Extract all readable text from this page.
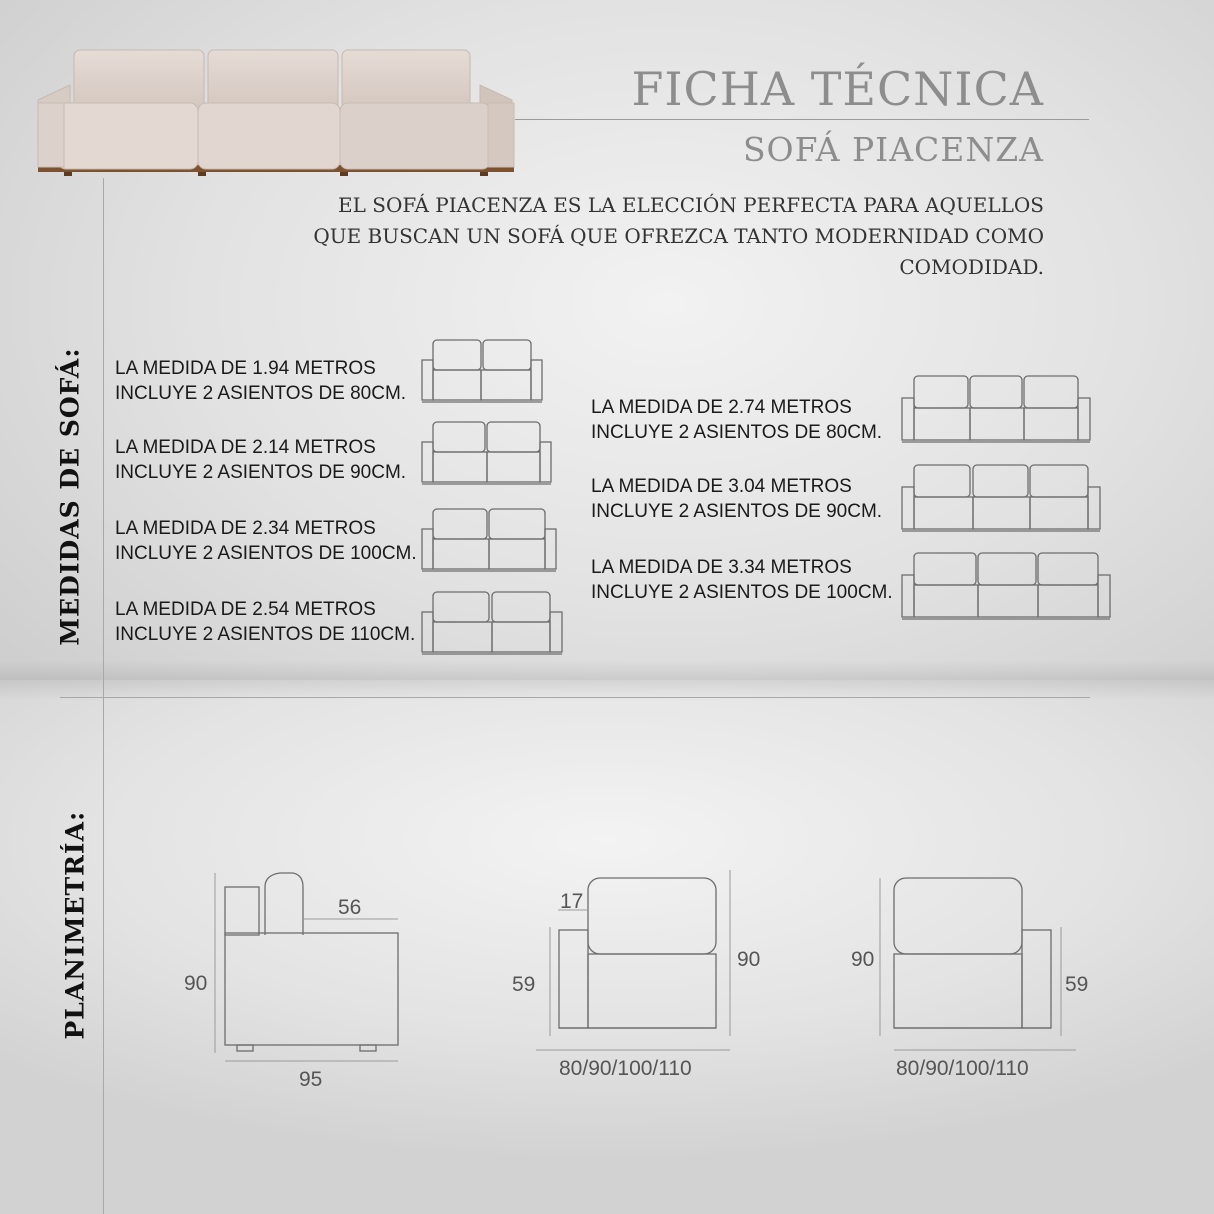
FICHA TÉCNICA
SOFÁ PIACENZA
EL SOFÁ PIACENZA ES LA ELECCIÓN PERFECTA PARA AQUELLOS QUE BUSCAN UN SOFÁ QUE OFREZCA TANTO MODERNIDAD COMO COMODIDAD.
MEDIDAS DE SOFÁ:
PLANIMETRÍA:
LA MEDIDA DE 1.94 METROS
INCLUYE 2 ASIENTOS DE 80CM.
LA MEDIDA DE 2.14 METROS
INCLUYE 2 ASIENTOS DE 90CM.
LA MEDIDA DE 2.34 METROS
INCLUYE 2 ASIENTOS DE 100CM.
LA MEDIDA DE 2.54 METROS
INCLUYE 2 ASIENTOS DE 110CM.
LA MEDIDA DE 2.74 METROS
INCLUYE 2 ASIENTOS DE 80CM.
LA MEDIDA DE 3.04 METROS
INCLUYE 2 ASIENTOS DE 90CM.
LA MEDIDA DE 3.34 METROS
INCLUYE 2 ASIENTOS DE 100CM.
56
90
95
17
59
90
80/90/100/110
90
59
80/90/100/110
